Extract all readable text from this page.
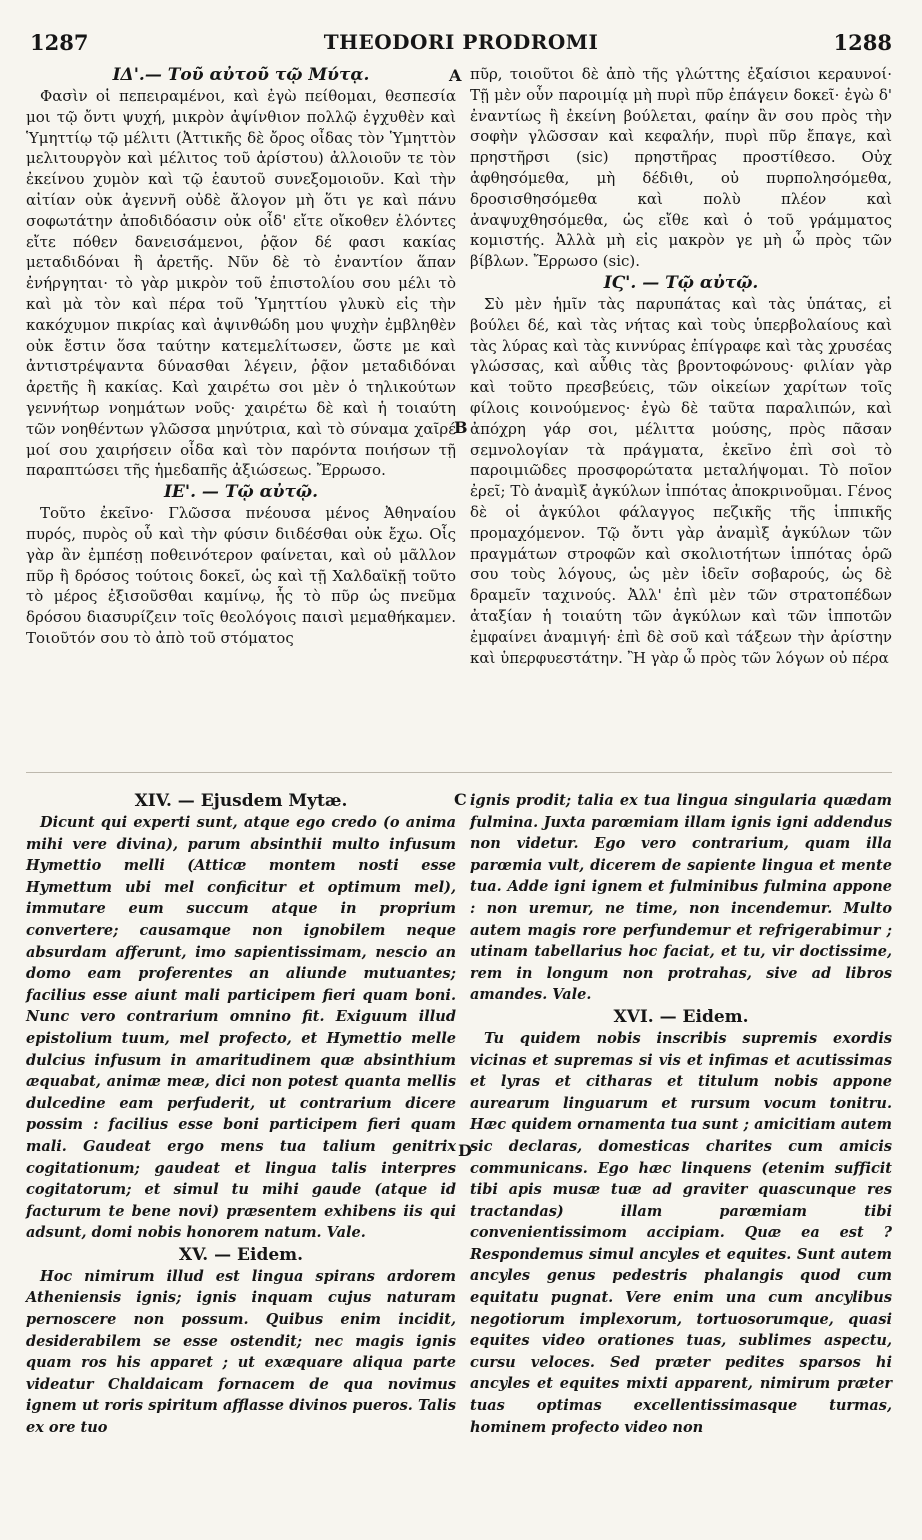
1287	THEODORI PRODROMI	1288
A
B
C
D
ΙΔ'.— Τοῦ αὐτοῦ τῷ Μύτᾳ.

Φασὶν οἱ πεπειραμένοι, καὶ ἐγὼ πείθομαι, θεσπεσία μοι τῷ ὄντι ψυχή, μικρὸν ἀψίνθιον πολλῷ ἐγχυθὲν καὶ Ὑμηττίῳ τῷ μέλιτι (Ἀττικῆς δὲ ὄρος οἶδας τὸν Ὑμηττὸν μελιτουργὸν καὶ μέλιτος τοῦ ἀρίστου) ἀλλοιοῦν τε τὸν ἐκείνου χυμὸν καὶ τῷ ἑαυτοῦ συνεξομοιοῦν. Καὶ τὴν αἰτίαν οὐκ ἀγεννῆ οὐδὲ ἄλογον μὴ ὅτι γε καὶ πάνυ σοφωτάτην ἀποδιδόασιν οὐκ οἶδ' εἴτε οἴκοθεν ἑλόντες εἴτε πόθεν δανεισάμενοι, ῥᾷον δέ φασι κακίας μεταδιδόναι ἢ ἀρετῆς. Νῦν δὲ τὸ ἐναντίον ἅπαν ἐνήργηται· τὸ γὰρ μικρὸν τοῦ ἐπιστολίου σου μέλι τὸ καὶ μὰ τὸν καὶ πέρα τοῦ Ὑμηττίου γλυκὺ εἰς τὴν κακόχυμον πικρίας καὶ ἀψινθώδη μου ψυχὴν ἐμβληθὲν οὐκ ἔστιν ὅσα ταύτην κατεμελίτωσεν, ὥστε με καὶ ἀντιστρέψαντα δύνασθαι λέγειν, ῥᾷον μεταδιδόναι ἀρετῆς ἢ κακίας. Καὶ χαιρέτω σοι μὲν ὁ τηλικούτων γεννήτωρ νοημάτων νοῦς· χαιρέτω δὲ καὶ ἡ τοιαύτη τῶν νοηθέντων γλῶσσα μηνύτρια, καὶ τὸ σύναμα χαῖρέ μοί σου χαιρήσειν οἶδα καὶ τὸν παρόντα ποιήσων τῇ παραπτώσει τῆς ἡμεδαπῆς ἀξιώσεως. Ἔρρωσο.

ΙΕ'. — Τῷ αὐτῷ.

Τοῦτο ἐκεῖνο· Γλῶσσα πνέουσα μένος Ἀθηναίου πυρός, πυρὸς οὗ καὶ τὴν φύσιν διιδέσθαι οὐκ ἔχω. Οἷς γὰρ ἂν ἐμπέσῃ ποθεινότερον φαίνεται, καὶ οὐ μᾶλλον πῦρ ἢ δρόσος τούτοις δοκεῖ, ὡς καὶ τῇ Χαλδαϊκῇ τοῦτο τὸ μέρος ἐξισοῦσθαι καμίνῳ, ἧς τὸ πῦρ ὡς πνεῦμα δρόσου διασυρίζειν τοῖς θεολόγοις παισὶ μεμαθήκαμεν. Τοιοῦτόν σου τὸ ἀπὸ τοῦ στόματος

πῦρ, τοιοῦτοι δὲ ἀπὸ τῆς γλώττης ἐξαίσιοι κεραυνοί· Τῇ μὲν οὖν παροιμίᾳ μὴ πυρὶ πῦρ ἐπάγειν δοκεῖ· ἐγὼ δ' ἐναντίως ἢ ἐκείνη βούλεται, φαίην ἂν σου πρὸς τὴν σοφὴν γλῶσσαν καὶ κεφαλήν, πυρὶ πῦρ ἔπαγε, καὶ πρηστῆρσι (sic) πρηστῆρας προστίθεσο. Οὐχ ἀφθησόμεθα, μὴ δέδιθι, οὐ πυρπολησόμεθα, δροσισθησόμεθα καὶ πολὺ πλέον καὶ ἀναψυχθησόμεθα, ὡς εἴθε καὶ ὁ τοῦ γράμματος κομιστής. Ἀλλὰ μὴ εἰς μακρὸν γε μὴ ὦ πρὸς τῶν βίβλων. Ἔρρωσο (sic).

ΙϚ'. — Τῷ αὐτῷ.

Σὺ μὲν ἡμῖν τὰς παρυπάτας καὶ τὰς ὑπάτας, εἰ βούλει δέ, καὶ τὰς νήτας καὶ τοὺς ὑπερβολαίους καὶ τὰς λύρας καὶ τὰς κιννύρας ἐπίγραφε καὶ τὰς χρυσέας γλώσσας, καὶ αὖθις τὰς βροντοφώνους· φιλίαν γὰρ καὶ τοῦτο πρεσβεύεις, τῶν οἰκείων χαρίτων τοῖς φίλοις κοινούμενος· ἐγὼ δὲ ταῦτα παραλιπών, καὶ ἀπόχρη γάρ σοι, μέλιττα μούσης, πρὸς πᾶσαν σεμνολογίαν τὰ πράγματα, ἐκεῖνο ἐπὶ σοὶ τὸ παροιμιῶδες προσφορώτατα μεταλήψομαι. Τὸ ποῖον ἐρεῖ; Τὸ ἀναμὶξ ἀγκύλων ἱππότας ἀποκρινοῦμαι. Γένος δὲ οἱ ἀγκύλοι φάλαγγος πεζικῆς τῆς ἱππικῆς προμαχόμενον. Τῷ ὄντι γὰρ ἀναμὶξ ἀγκύλων τῶν πραγμάτων στροφῶν καὶ σκολιοτήτων ἱππότας ὁρῶ σου τοὺς λόγους, ὡς μὲν ἰδεῖν σοβαρούς, ὡς δὲ δραμεῖν ταχινούς. Ἀλλ' ἐπὶ μὲν τῶν στρατοπέδων ἀταξίαν ἡ τοιαύτη τῶν ἀγκύλων καὶ τῶν ἱπποτῶν ἐμφαίνει ἀναμιγή· ἐπὶ δὲ σοῦ καὶ τάξεων τὴν ἀρίστην καὶ ὑπερφυεστάτην. Ἢ γὰρ ὦ πρὸς τῶν λόγων οὐ πέρα

XIV. — Ejusdem Mytæ.

Dicunt qui experti sunt, atque ego credo (o anima mihi vere divina), parum absinthii multo infusum Hymettio melli (Atticæ montem nosti esse Hymettum ubi mel conficitur et optimum mel), immutare eum succum atque in proprium convertere; causamque non ignobilem neque absurdam afferunt, imo sapientissimam, nescio an domo eam proferentes an aliunde mutuantes; facilius esse aiunt mali participem fieri quam boni. Nunc vero contrarium omnino fit. Exiguum illud epistolium tuum, mel profecto, et Hymettio melle dulcius infusum in amaritudinem quæ absinthium æquabat, animæ meæ, dici non potest quanta mellis dulcedine eam perfuderit, ut contrarium dicere possim : facilius esse boni participem fieri quam mali. Gaudeat ergo mens tua talium genitrix cogitationum; gaudeat et lingua talis interpres cogitatorum; et simul tu mihi gaude (atque id facturum te bene novi) præsentem exhibens iis qui adsunt, domi nobis honorem natum. Vale.

XV. — Eidem.

Hoc nimirum illud est lingua spirans ardorem Atheniensis ignis; ignis inquam cujus naturam pernoscere non possum. Quibus enim incidit, desiderabilem se esse ostendit; nec magis ignis quam ros his apparet ; ut exæquare aliqua parte videatur Chaldaicam fornacem de qua novimus ignem ut roris spiritum afflasse divinos pueros. Talis ex ore tuo

ignis prodit; talia ex tua lingua singularia quædam fulmina. Juxta parœmiam illam ignis igni addendus non videtur. Ego vero contrarium, quam illa parœmia vult, dicerem de sapiente lingua et mente tua. Adde igni ignem et fulminibus fulmina appone : non uremur, ne time, non incendemur. Multo autem magis rore perfundemur et refrigerabimur ; utinam tabellarius hoc faciat, et tu, vir doctissime, rem in longum non protrahas, sive ad libros amandes. Vale.

XVI. — Eidem.

Tu quidem nobis inscribis supremis exordis vicinas et supremas si vis et infimas et acutissimas et lyras et citharas et titulum nobis appone aurearum linguarum et rursum vocum tonitru. Hæc quidem ornamenta tua sunt ; amicitiam autem sic declaras, domesticas charites cum amicis communicans. Ego hæc linquens (etenim sufficit tibi apis musæ tuæ ad graviter quascunque res tractandas) illam parœmiam tibi convenientissimom accipiam. Quæ ea est ? Respondemus simul ancyles et equites. Sunt autem ancyles genus pedestris phalangis quod cum equitatu pugnat. Vere enim una cum ancylibus negotiorum implexorum, tortuosorumque, quasi equites video orationes tuas, sublimes aspectu, cursu veloces. Sed præter pedites sparsos hi ancyles et equites mixti apparent, nimirum præter tuas optimas excellentissimasque turmas, hominem profecto video non
